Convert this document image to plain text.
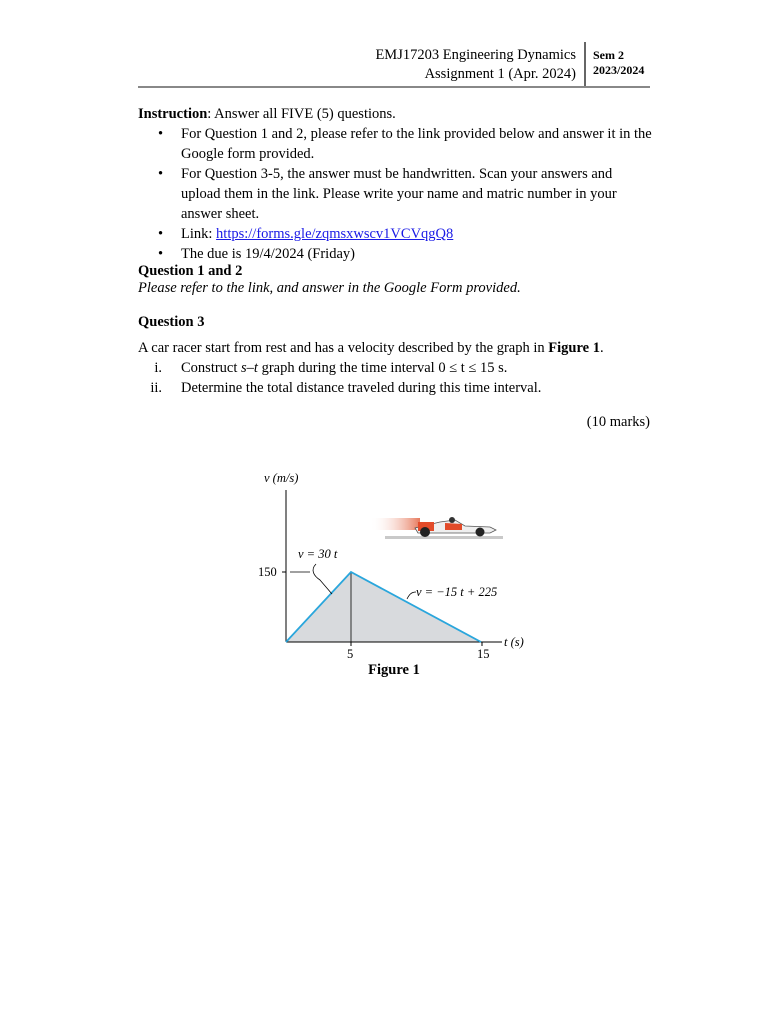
EMJ17203 Engineering Dynamics
Assignment 1 (Apr. 2024)
Sem 2
2023/2024
Instruction: Answer all FIVE (5) questions.
• For Question 1 and 2, please refer to the link provided below and answer it in the Google form provided.
• For Question 3-5, the answer must be handwritten. Scan your answers and upload them in the link. Please write your name and matric number in your answer sheet.
• Link: https://forms.gle/zqmsxwscv1VCVqgQ8
• The due is 19/4/2024 (Friday)
Question 1 and 2
Please refer to the link, and answer in the Google Form provided.
Question 3
A car racer start from rest and has a velocity described by the graph in Figure 1.
i. Construct s–t graph during the time interval 0 ≤ t ≤ 15 s.
ii. Determine the total distance traveled during this time interval.
(10 marks)
v (m/s)
150
5	15
v = 30 t
v = −15 t + 225
t (s)
Figure 1
